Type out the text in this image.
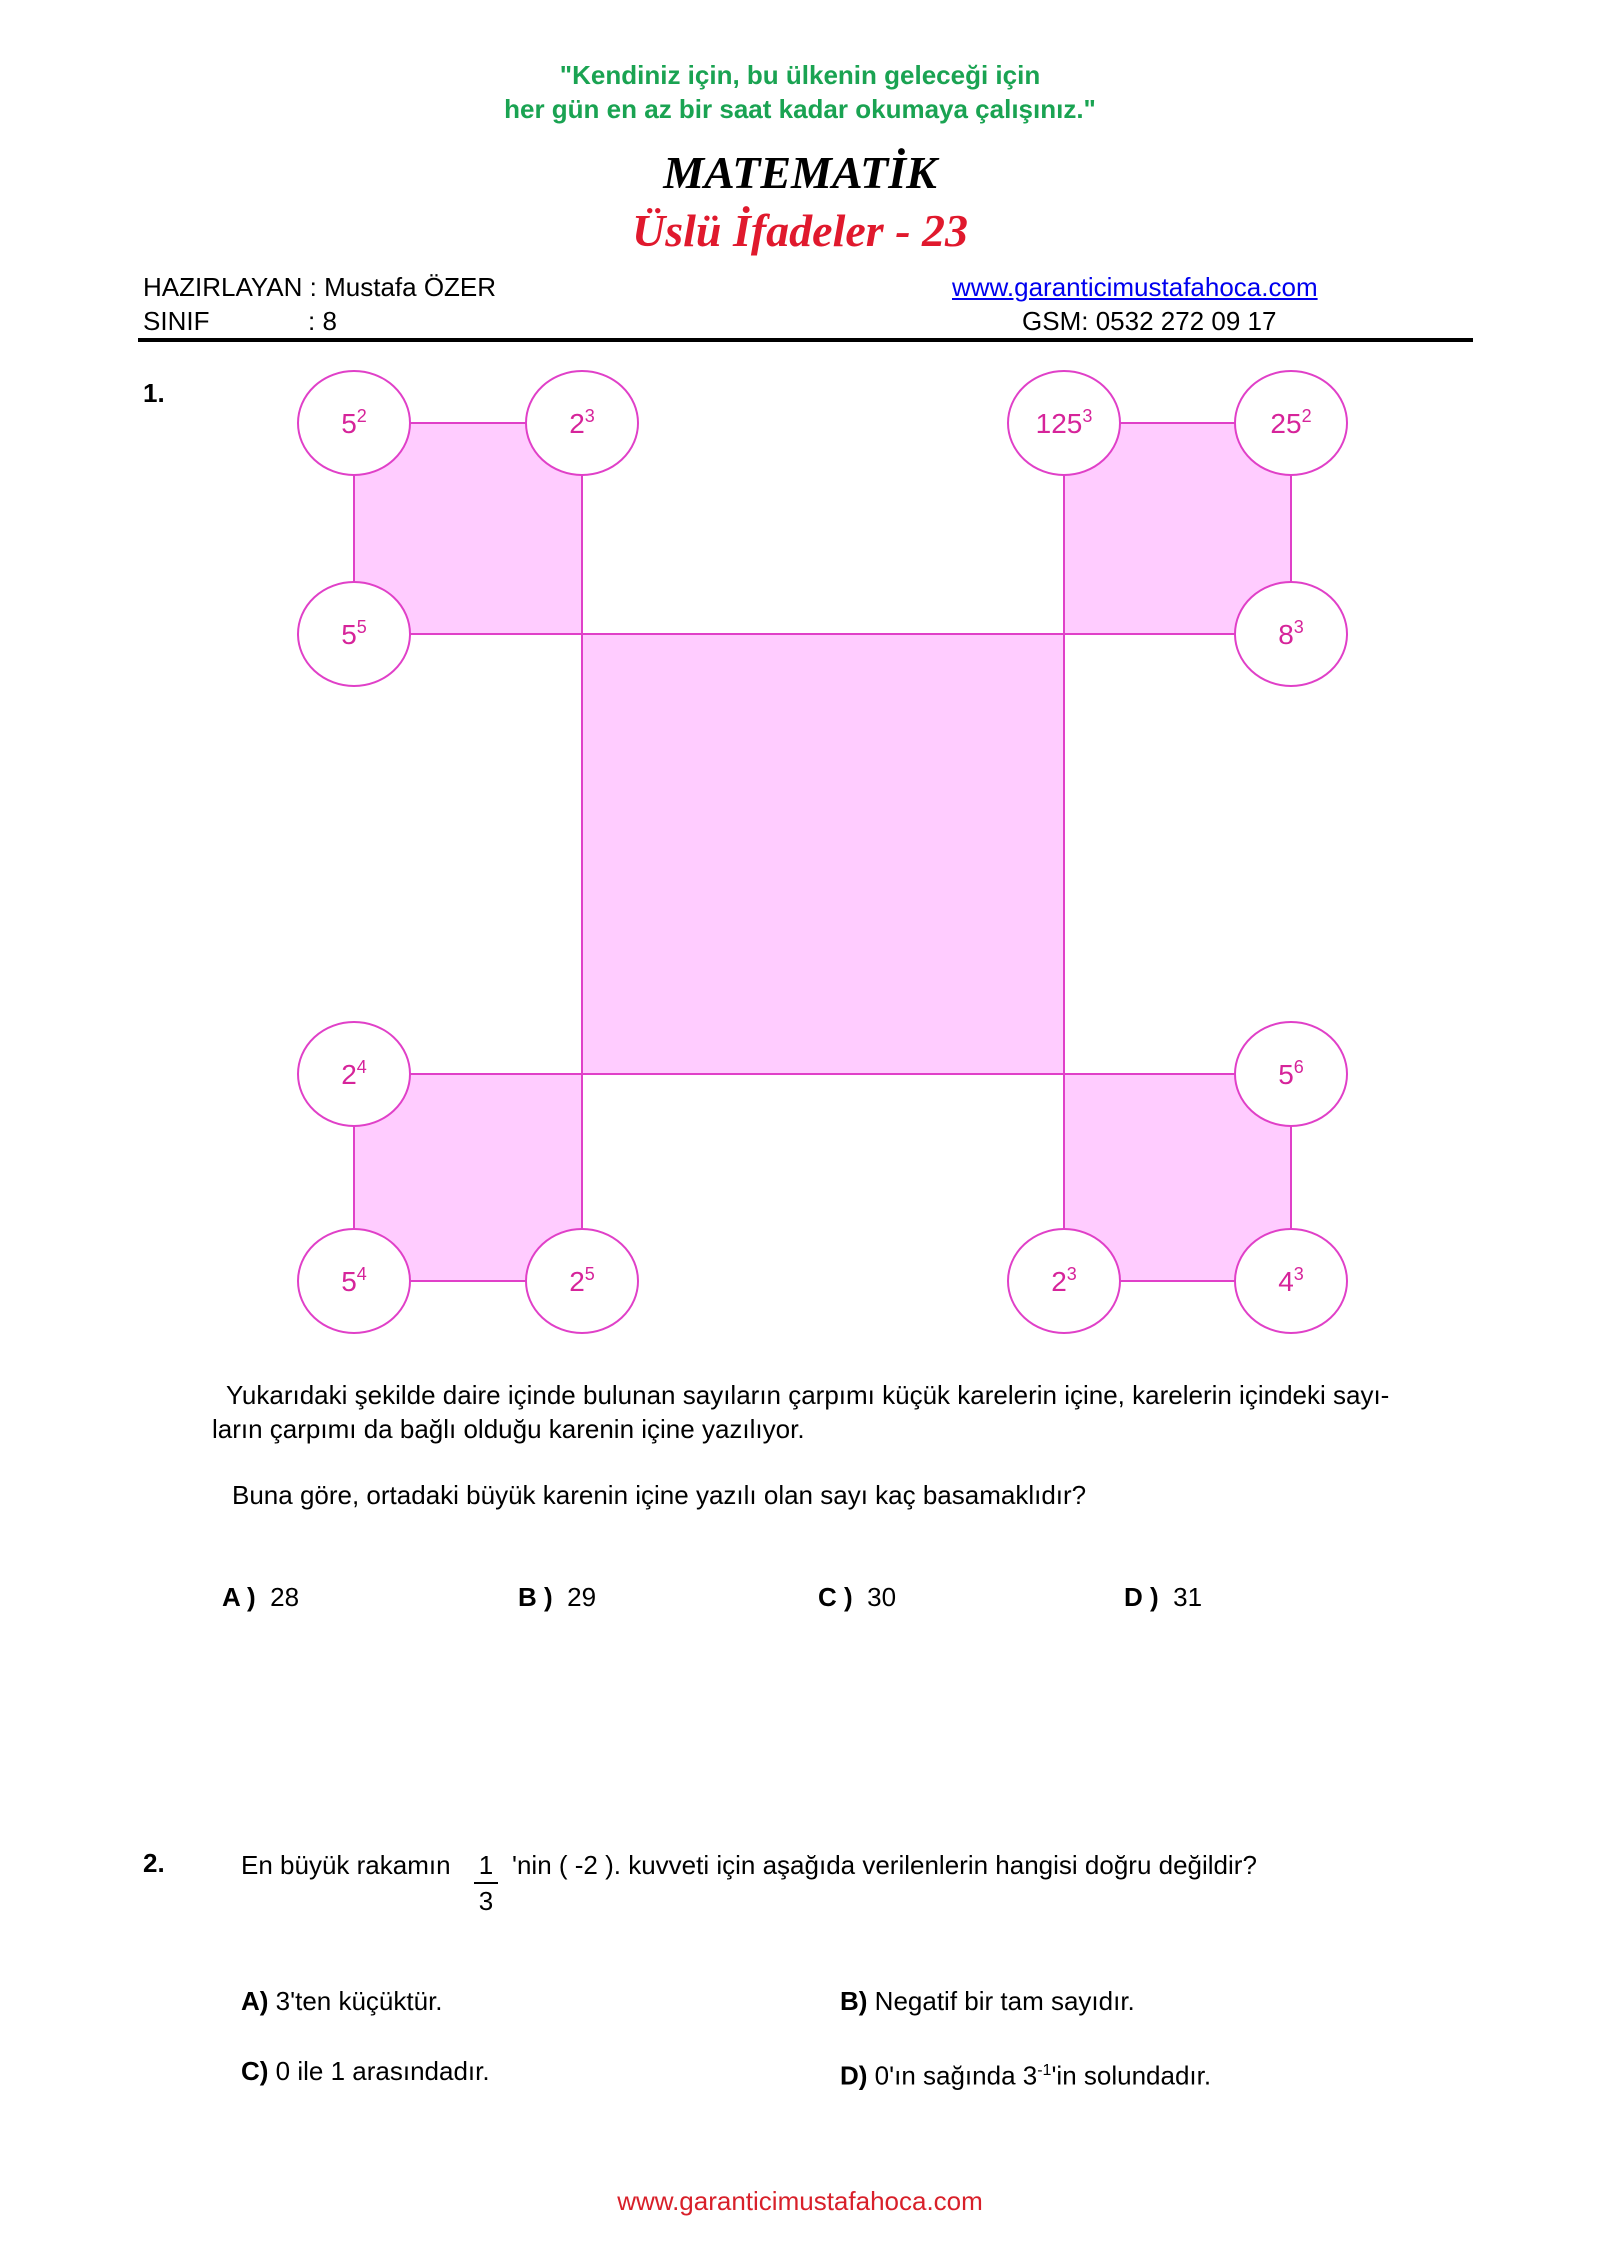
"Kendiniz için, bu ülkenin geleceği için
her gün en az bir saat kadar okumaya çalışınız."
MATEMATİK
Üslü İfadeler - 23
HAZIRLAYAN : Mustafa ÖZER	www.garanticimustafahoca.com
SINIF	: 8	GSM: 0532 272 09 17
1.
$5^2$	$2^3$
$5^5$
$125^3$	$25^2$
$8^3$
$2^4$
$5^4$	$2^5$
$5^6$
$2^3$	$4^3$
Yukarıdaki şekilde daire içinde bulunan sayıların çarpımı küçük karelerin içine, karelerin içindeki sayı-
ların çarpımı da bağlı olduğu karenin içine yazılıyor.
Buna göre, ortadaki büyük karenin içine yazılı olan sayı kaç basamaklıdır?
A ) 28	B ) 29	C ) 30	D ) 31
2.	En büyük rakamın 1
3
'nin ( -2 ). kuvveti için aşağıda verilenlerin hangisi doğru değildir?
A) 3'ten küçüktür.	B) Negatif bir tam sayıdır.
C) 0 ile 1 arasındadır.	D) 0'ın sağında $3^{-1}'in$ solundadır.
www.garanticimustafahoca.com
